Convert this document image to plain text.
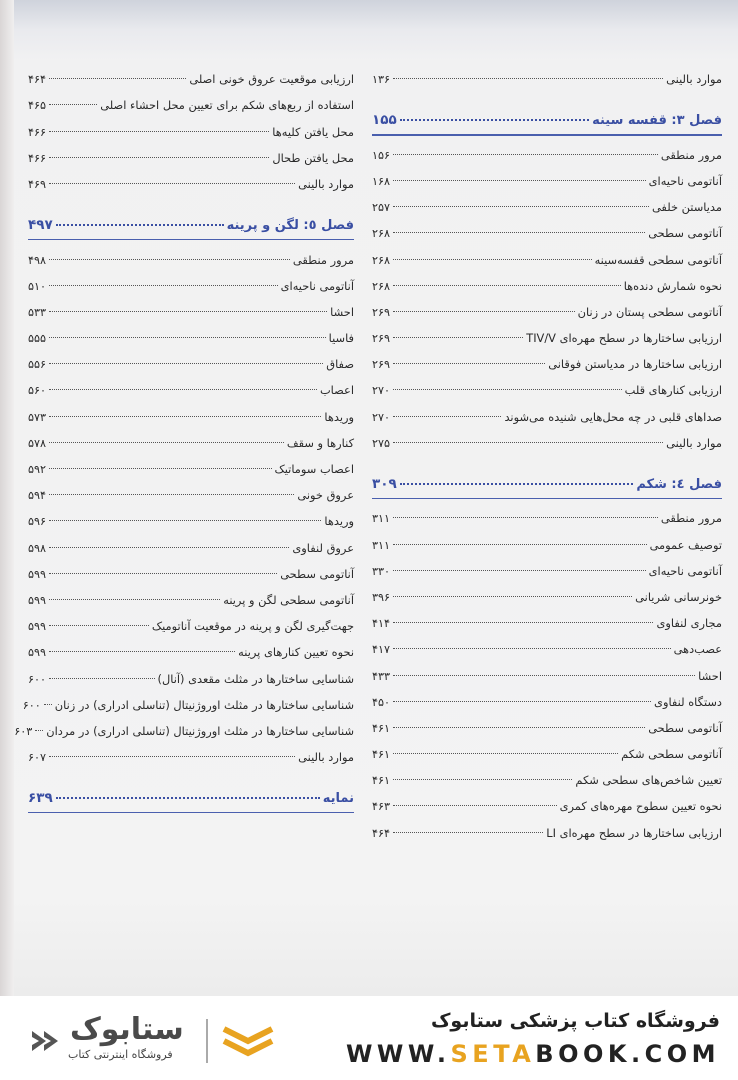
موارد بالینی
۱۳۶
فصل ۳: قفسه سینه
۱۵۵
مرور منطقی
۱۵۶
آناتومی ناحیه‌ای
۱۶۸
مدیاستن خلفی
۲۵۷
آناتومی سطحی
۲۶۸
آناتومی سطحی قفسه‌سینه
۲۶۸
نحوه شمارش دنده‌ها
۲۶۸
آناتومی سطحی پستان در زنان
۲۶۹
ارزیابی ساختارها در سطح مهره‌ای TIV/V
۲۶۹
ارزیابی ساختارها در مدیاستن فوقانی
۲۶۹
ارزیابی کنارهای قلب
۲۷۰
صداهای قلبی در چه محل‌هایی شنیده می‌شوند
۲۷۰
موارد بالینی
۲۷۵
فصل ٤: شکم
۳۰۹
مرور منطقی
۳۱۱
توصیف عمومی
۳۱۱
آناتومی ناحیه‌ای
۳۳۰
خونرسانی شریانی
۳۹۶
مجاری لنفاوی
۴۱۴
عصب‌دهی
۴۱۷
احشا
۴۳۳
دستگاه لنفاوی
۴۵۰
آناتومی سطحی
۴۶۱
آناتومی سطحی شکم
۴۶۱
تعیین شاخص‌های سطحی شکم
۴۶۱
نحوه تعیین سطوح مهره‌های کمری
۴۶۳
ارزیابی ساختارها در سطح مهره‌ای LI
۴۶۴
ارزیابی موقعیت عروق خونی اصلی
۴۶۴
استفاده از ربع‌های شکم برای تعیین محل احشاء اصلی
۴۶۵
محل یافتن کلیه‌ها
۴۶۶
محل یافتن طحال
۴۶۶
موارد بالینی
۴۶۹
فصل ٥: لگن و پرینه
۴۹۷
مرور منطقی
۴۹۸
آناتومی ناحیه‌ای
۵۱۰
احشا
۵۳۳
فاسیا
۵۵۵
صفاق
۵۵۶
اعصاب
۵۶۰
وریدها
۵۷۳
کنارها و سقف
۵۷۸
اعصاب سوماتیک
۵۹۲
عروق خونی
۵۹۴
وریدها
۵۹۶
عروق لنفاوی
۵۹۸
آناتومی سطحی
۵۹۹
آناتومی سطحی لگن و پرینه
۵۹۹
جهت‌گیری لگن و پرینه در موقعیت آناتومیک
۵۹۹
نحوه تعیین کنارهای پرینه
۵۹۹
شناسایی ساختارها در مثلث مقعدی (آنال)
۶۰۰
شناسایی ساختارها در مثلث اوروژنیتال (تناسلی ادراری) در زنان
۶۰۰
شناسایی ساختارها در مثلث اوروژنیتال (تناسلی ادراری) در مردان
۶۰۳
موارد بالینی
۶۰۷
نمایه
۶۳۹
ستابوک
فروشگاه اینترنتی کتاب
فروشگاه کتاب پزشکی ستابوک
WWW.SETABOOK.COM
